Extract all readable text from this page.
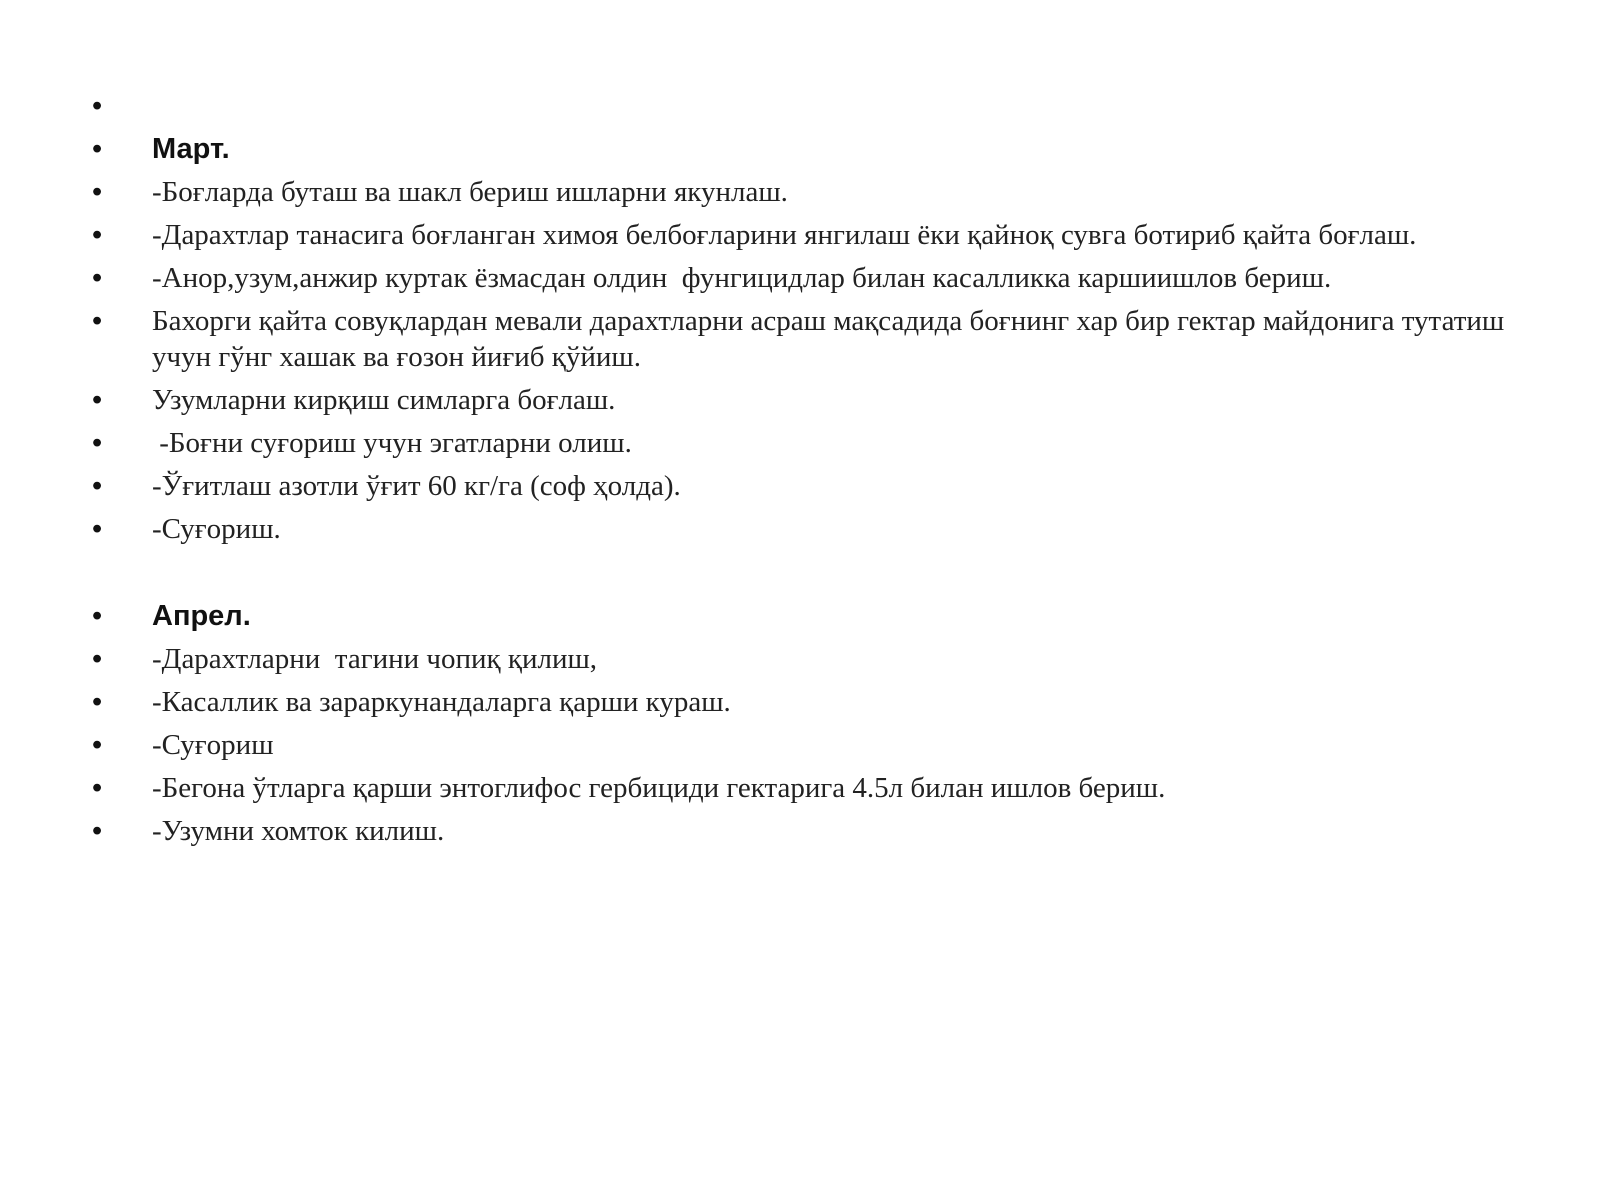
•
• Март.
• -Боғларда буташ ва шакл бериш ишларни якунлаш.
• -Дарахтлар танасига боғланган химоя белбоғларини янгилаш ёки қайноқ сувга ботириб қайта боғлаш.
• -Анор,узум,анжир куртак ёзмасдан олдин  фунгицидлар билан касалликка каршиишлов бериш.
• Бахорги қайта совуқлардан мевали дарахтларни асраш мақсадида боғнинг хар бир гектар майдонига тутатиш учун гўнг хашак ва ғозон йиғиб қўйиш.
• Узумларни кирқиш симларга боғлаш.
• -Боғни суғориш учун эгатларни олиш.
• -Ўғитлаш азотли ўғит 60 кг/га (соф ҳолда).
• -Суғориш.
• Апрел.
• -Дарахтларни  тагини чопиқ қилиш,
• -Касаллик ва зараркунандаларга қарши кураш.
• -Суғориш
• -Бегона ўтларга қарши энтоглифос гербициди гектарига 4.5л билан ишлов бериш.
• -Узумни хомток килиш.
